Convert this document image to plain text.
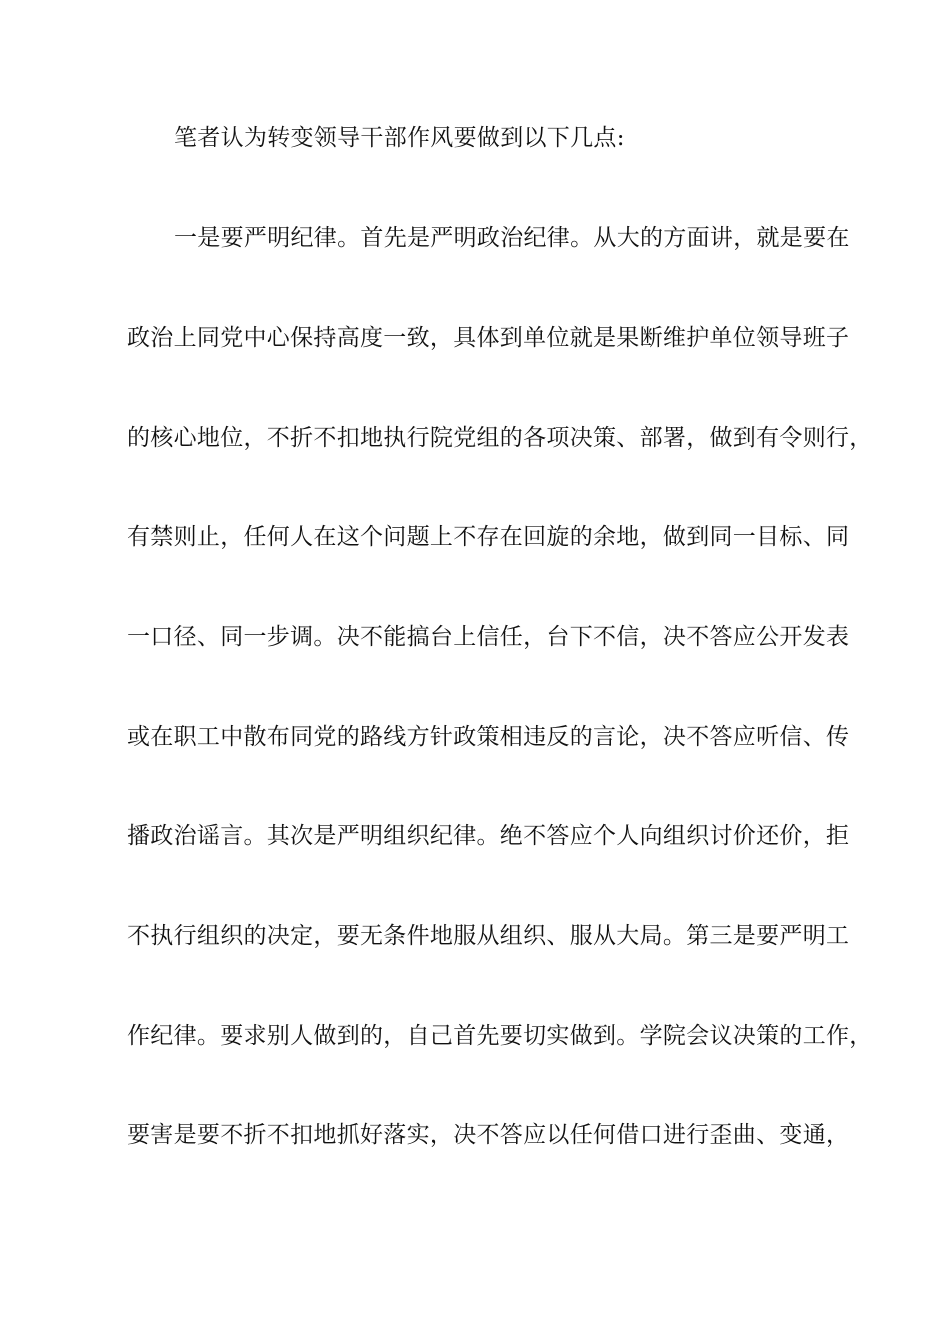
笔者认为转变领导干部作风要做到以下几点:
一是要严明纪律。首先是严明政治纪律。从大的方面讲，就是要在
政治上同党中心保持高度一致，具体到单位就是果断维护单位领导班子
的核心地位，不折不扣地执行院党组的各项决策、部署，做到有令则行，
有禁则止，任何人在这个问题上不存在回旋的余地，做到同一目标、同
一口径、同一步调。决不能搞台上信任，台下不信，决不答应公开发表
或在职工中散布同党的路线方针政策相违反的言论，决不答应听信、传
播政治谣言。其次是严明组织纪律。绝不答应个人向组织讨价还价，拒
不执行组织的决定，要无条件地服从组织、服从大局。第三是要严明工
作纪律。要求别人做到的，自己首先要切实做到。学院会议决策的工作，
要害是要不折不扣地抓好落实，决不答应以任何借口进行歪曲、变通，
